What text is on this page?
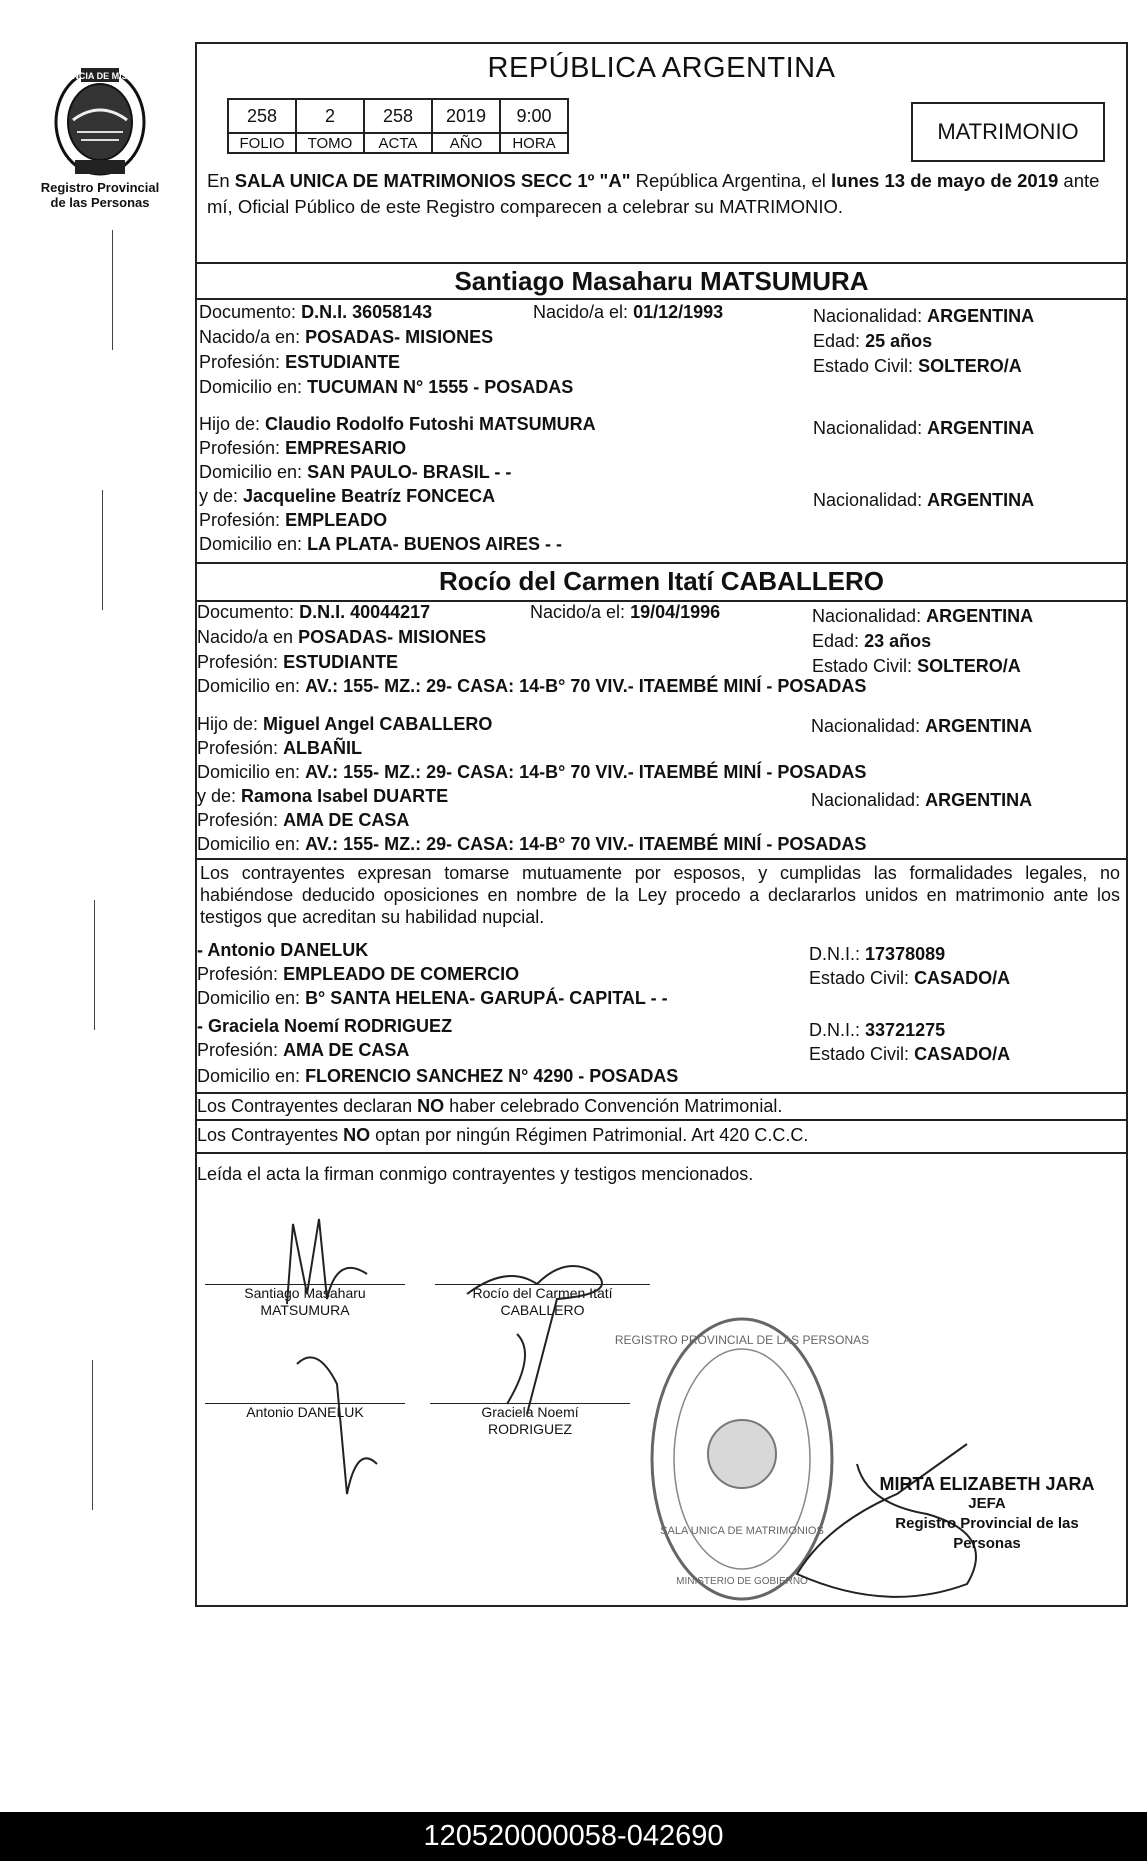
PROVINCIA DE MISIONES
Registro Provincial
de las Personas
REPÚBLICA ARGENTINA
258	2	258	2019	9:00
FOLIO	TOMO	ACTA	AÑO	HORA	MATRIMONIO
En SALA UNICA DE MATRIMONIOS SECC 1º "A" República Argentina, el lunes 13 de mayo de 2019 ante mí, Oficial Público de este Registro comparecen a celebrar su MATRIMONIO.
Santiago Masaharu MATSUMURA
Documento: D.N.I. 36058143	Nacido/a el: 01/12/1993	Nacionalidad: ARGENTINA
Nacido/a en: POSADAS- MISIONES	Edad: 25 años
Profesión: ESTUDIANTE	Estado Civil: SOLTERO/A
Domicilio en: TUCUMAN N° 1555 - POSADAS
Hijo de: Claudio Rodolfo Futoshi MATSUMURA	Nacionalidad: ARGENTINA
Profesión: EMPRESARIO
Domicilio en: SAN PAULO- BRASIL - -
y de: Jacqueline Beatríz FONCECA	Nacionalidad: ARGENTINA
Profesión: EMPLEADO
Domicilio en: LA PLATA- BUENOS AIRES - -
Rocío del Carmen Itatí CABALLERO
Documento: D.N.I. 40044217	Nacido/a el: 19/04/1996	Nacionalidad: ARGENTINA
Nacido/a en POSADAS- MISIONES	Edad: 23 años
Profesión: ESTUDIANTE	Estado Civil: SOLTERO/A
Domicilio en: AV.: 155- MZ.: 29- CASA: 14-B° 70 VIV.- ITAEMBÉ MINÍ - POSADAS
Hijo de: Miguel Angel CABALLERO	Nacionalidad: ARGENTINA
Profesión: ALBAÑIL
Domicilio en: AV.: 155- MZ.: 29- CASA: 14-B° 70 VIV.- ITAEMBÉ MINÍ - POSADAS
y de: Ramona Isabel DUARTE	Nacionalidad: ARGENTINA
Profesión: AMA DE CASA
Domicilio en: AV.: 155- MZ.: 29- CASA: 14-B° 70 VIV.- ITAEMBÉ MINÍ - POSADAS
Los contrayentes expresan tomarse mutuamente por esposos, y cumplidas las formalidades legales, no habiéndose deducido oposiciones en nombre de la Ley procedo a declararlos unidos en matrimonio ante los testigos que acreditan su habilidad nupcial.
- Antonio DANELUK	D.N.I.: 17378089
Profesión: EMPLEADO DE COMERCIO	Estado Civil: CASADO/A
Domicilio en: B° SANTA HELENA- GARUPÁ- CAPITAL - -
- Graciela Noemí RODRIGUEZ	D.N.I.: 33721275
Profesión: AMA DE CASA	Estado Civil: CASADO/A
Domicilio en: FLORENCIO SANCHEZ N° 4290 - POSADAS
Los Contrayentes declaran NO haber celebrado Convención Matrimonial.
Los Contrayentes NO optan por ningún Régimen Patrimonial. Art 420 C.C.C.
Leída el acta la firman conmigo contrayentes y testigos mencionados.
Santiago Masaharu
MATSUMURA
Rocío del Carmen Itatí
CABALLERO
Antonio DANELUK	Graciela Noemí
RODRIGUEZ
REGISTRO PROVINCIAL DE LAS PERSONAS
SALA UNICA DE MATRIMONIOS
MINISTERIO DE GOBIERNO
MIRTA ELIZABETH JARA
JEFA
Registro Provincial de las Personas
120520000058-042690
